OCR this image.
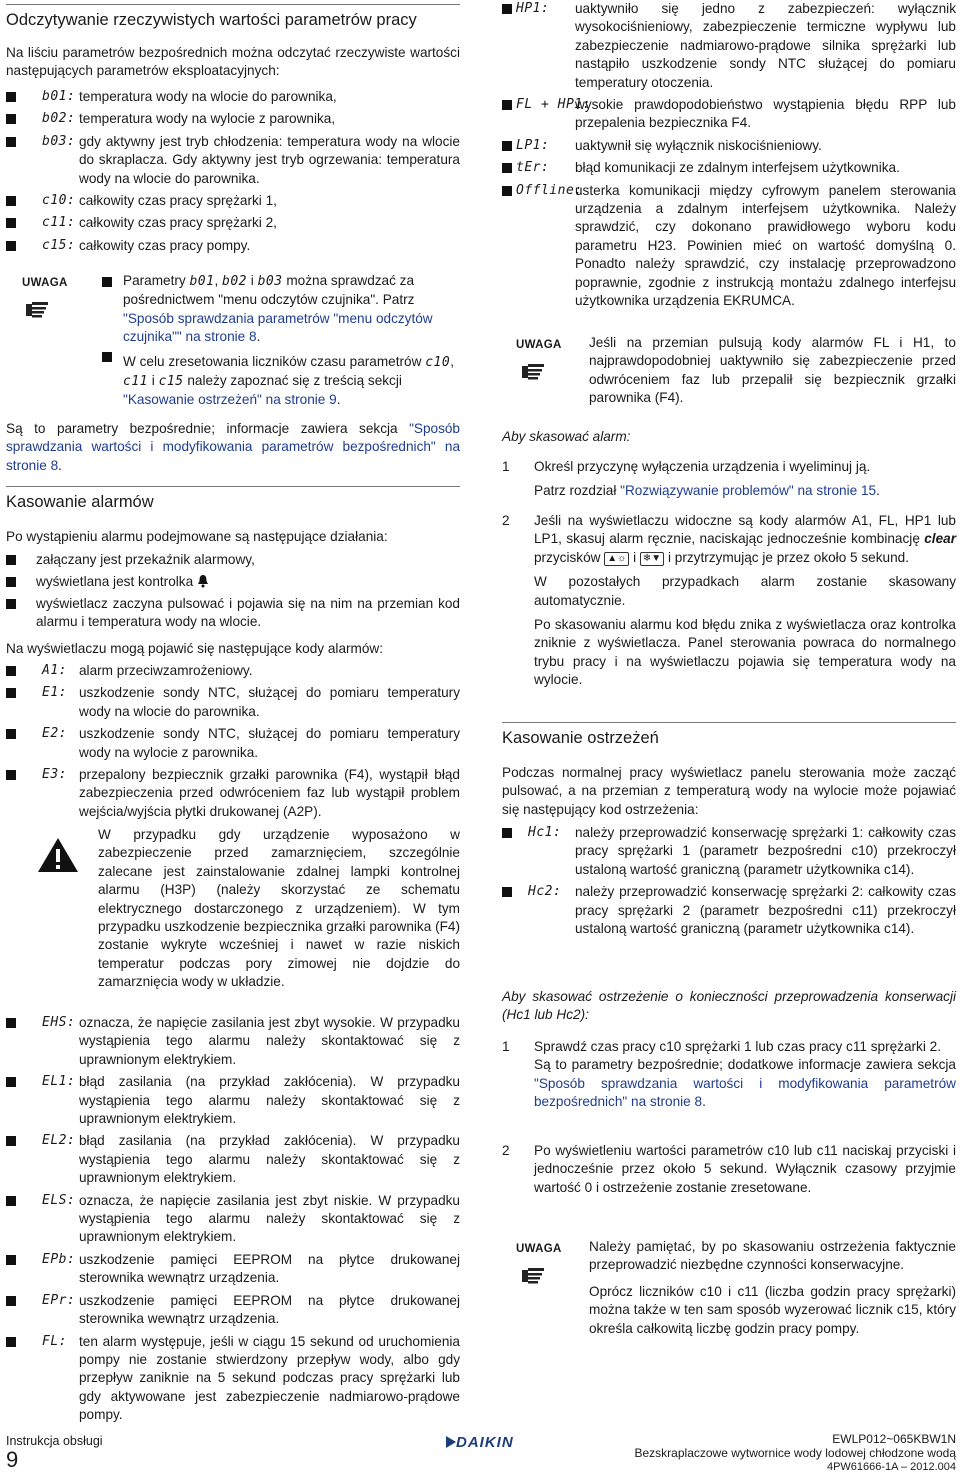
Odczytywanie rzeczywistych wartości parametrów pracy

Na liściu parametrów bezpośrednich można odczytać rzeczywiste wartości następujących parametrów eksploatacyjnych:

b01: temperatura wody na wlocie do parownika,
b02: temperatura wody na wylocie z parownika,
b03: gdy aktywny jest tryb chłodzenia: temperatura wody na wlocie do skraplacza. Gdy aktywny jest tryb ogrzewania: temperatura wody na wlocie do parownika.
c10: całkowity czas pracy sprężarki 1,
c11: całkowity czas pracy sprężarki 2,
c15: całkowity czas pracy pompy.
UWAGA	Parametry b01, b02 i b03 można sprawdzać za pośrednictwem "menu odczytów czujnika". Patrz "Sposób sprawdzania parametrów "menu odczytów czujnika"" na stronie 8.
W celu zresetowania liczników czasu parametrów c10, c11 i c15 należy zapoznać się z treścią sekcji "Kasowanie ostrzeżeń" na stronie 9.

Są to parametry bezpośrednie; informacje zawiera sekcja "Sposób sprawdzania wartości i modyfikowania parametrów bezpośrednich" na stronie 8.

Kasowanie alarmów

Po wystąpieniu alarmu podejmowane są następujące działania:

załączany jest przekaźnik alarmowy,
wyświetlana jest kontrolka
wyświetlacz zaczyna pulsować i pojawia się na nim na przemian kod alarmu i temperatura wody na wlocie.

Na wyświetlaczu mogą pojawić się następujące kody alarmów:

A1: alarm przeciwzamrożeniowy.
E1: uszkodzenie sondy NTC, służącej do pomiaru temperatury wody na wlocie do parownika.
E2: uszkodzenie sondy NTC, służącej do pomiaru temperatury wody na wylocie z parownika.
E3: przepalony bezpiecznik grzałki parownika (F4), wystąpił błąd zabezpieczenia przed odwróceniem faz lub wystąpił problem wejścia/wyjścia płytki drukowanej (A2P).

W przypadku gdy urządzenie wyposażono w zabezpieczenie przed zamarznięciem, szczególnie zalecane jest zainstalowanie zdalnej lampki kontrolnej alarmu (H3P) (należy skorzystać ze schematu elektrycznego dostarczonego z urządzeniem). W tym przypadku uszkodzenie bezpiecznika grzałki parownika (F4) zostanie wykryte wcześniej i nawet w razie niskich temperatur podczas pory zimowej nie dojdzie do zamarznięcia wody w układzie.

EHS: oznacza, że napięcie zasilania jest zbyt wysokie. W przypadku wystąpienia tego alarmu należy skontaktować się z uprawnionym elektrykiem.
EL1: błąd zasilania (na przykład zakłócenia). W przypadku wystąpienia tego alarmu należy skontaktować się z uprawnionym elektrykiem.
EL2: błąd zasilania (na przykład zakłócenia). W przypadku wystąpienia tego alarmu należy skontaktować się z uprawnionym elektrykiem.
ELS: oznacza, że napięcie zasilania jest zbyt niskie. W przypadku wystąpienia tego alarmu należy skontaktować się z uprawnionym elektrykiem.
EPb: uszkodzenie pamięci EEPROM na płytce drukowanej sterownika wewnątrz urządzenia.
EPr: uszkodzenie pamięci EEPROM na płytce drukowanej sterownika wewnątrz urządzenia.
FL: ten alarm występuje, jeśli w ciągu 15 sekund od uruchomienia pompy nie zostanie stwierdzony przepływ wody, albo gdy przepływ zaniknie na 5 sekund podczas pracy sprężarki lub gdy aktywowane jest zabezpieczenie nadmiarowo-prądowe pompy.
HP1: uaktywniło się jedno z zabezpieczeń: wyłącznik wysokociśnieniowy, zabezpieczenie termiczne wypływu lub zabezpieczenie nadmiarowo-prądowe silnika sprężarki lub nastąpiło uszkodzenie sondy NTC służącej do pomiaru temperatury otoczenia.
FL + HP1:
wysokie prawdopodobieństwo wystąpienia błędu RPP lub przepalenia bezpiecznika F4.
LP1: uaktywnił się wyłącznik niskociśnieniowy.
tEr: błąd komunikacji ze zdalnym interfejsem użytkownika.
Offline:
usterka komunikacji między cyfrowym panelem sterowania urządzenia a zdalnym interfejsem użytkownika. Należy sprawdzić, czy dokonano prawidłowego wyboru kodu parametru H23. Powinien mieć on wartość domyślną 0. Ponadto należy sprawdzić, czy instalację przeprowadzono poprawnie, zgodnie z instrukcją montażu zdalnego interfejsu użytkownika urządzenia EKRUMCA.
UWAGA Jeśli na przemian pulsują kody alarmów FL i H1, to najprawdopodobniej uaktywniło się zabezpieczenie przed odwróceniem faz lub przepalił się bezpiecznik grzałki parownika (F4).

Aby skasować alarm:

1 Określ przyczynę wyłączenia urządzenia i wyeliminuj ją.

Patrz rozdział "Rozwiązywanie problemów" na stronie 15.

2 Jeśli na wyświetlaczu widoczne są kody alarmów A1, FL, HP1 lub LP1, skasuj alarm ręcznie, naciskając jednocześnie kombinację clear przycisków ▲☼ i ❄▼ i przytrzymując je przez około 5 sekund.

W pozostałych przypadkach alarm zostanie skasowany automatycznie.

Po skasowaniu alarmu kod błędu znika z wyświetlacza oraz kontrolka zniknie z wyświetlacza. Panel sterowania powraca do normalnego trybu pracy i na wyświetlaczu pojawia się temperatura wody na wylocie.

Kasowanie ostrzeżeń

Podczas normalnej pracy wyświetlacz panelu sterowania może zacząć pulsować, a na przemian z temperaturą wody na wylocie może pojawiać się następujący kod ostrzeżenia:

Hc1: należy przeprowadzić konserwację sprężarki 1: całkowity czas pracy sprężarki 1 (parametr bezpośredni c10) przekroczył ustaloną wartość graniczną (parametr użytkownika c14).
Hc2: należy przeprowadzić konserwację sprężarki 2: całkowity czas pracy sprężarki 2 (parametr bezpośredni c11) przekroczył ustaloną wartość graniczną (parametr użytkownika c14).

Aby skasować ostrzeżenie o konieczności przeprowadzenia konserwacji (Hc1 lub Hc2):

1 Sprawdź czas pracy c10 sprężarki 1 lub czas pracy c11 sprężarki 2.

Są to parametry bezpośrednie; dodatkowe informacje zawiera sekcja "Sposób sprawdzania wartości i modyfikowania parametrów bezpośrednich" na stronie 8.

2 Po wyświetleniu wartości parametrów c10 lub c11 naciskaj przyciski i jednocześnie przez około 5 sekund. Wyłącznik czasowy przyjmie wartość 0 i ostrzeżenie zostanie zresetowane.

UWAGA Należy pamiętać, by po skasowaniu ostrzeżenia faktycznie przeprowadzić niezbędne czynności konserwacyjne.

Oprócz liczników c10 i c11 (liczba godzin pracy sprężarki) można także w ten sam sposób wyzerować licznik c15, który określa całkowitą liczbę godzin pracy pompy.

Instrukcja obsługi
9
DAIKIN	EWLP012~065KBW1N
Bezskraplaczowe wytwornice wody lodowej chłodzone wodą
4PW61666-1A – 2012.004
